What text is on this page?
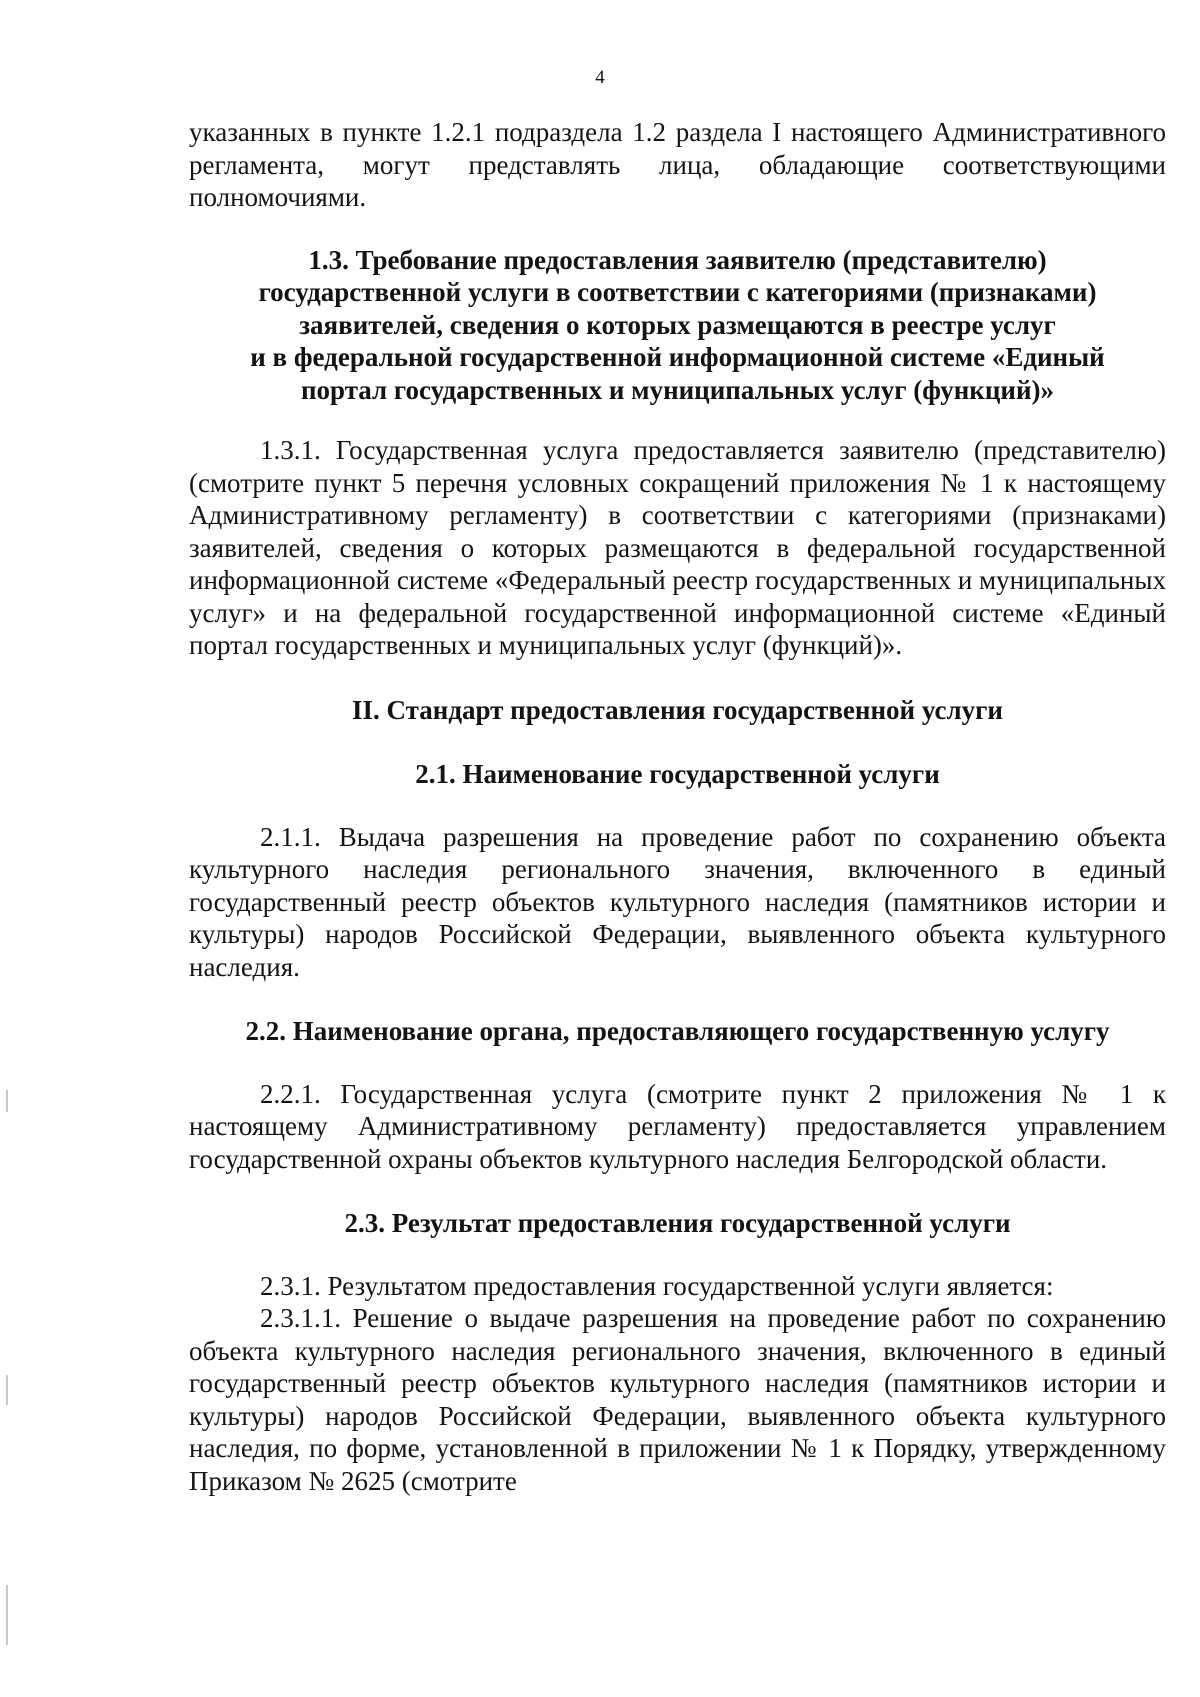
4

указанных в пункте 1.2.1 подраздела 1.2 раздела I настоящего Административного регламента, могут представлять лица, обладающие соответствующими полномочиями.

1.3. Требование предоставления заявителю (представителю)
государственной услуги в соответствии с категориями (признаками)
заявителей, сведения о которых размещаются в реестре услуг
и в федеральной государственной информационной системе «Единый
портал государственных и муниципальных услуг (функций)»

1.3.1. Государственная услуга предоставляется заявителю (представителю) (смотрите пункт 5 перечня условных сокращений приложения № 1 к настоящему Административному регламенту) в соответствии с категориями (признаками) заявителей, сведения о которых размещаются в федеральной государственной информационной системе «Федеральный реестр государственных и муниципальных услуг» и на федеральной государственной информационной системе «Единый портал государственных и муниципальных услуг (функций)».

II. Стандарт предоставления государственной услуги
2.1. Наименование государственной услуги

2.1.1. Выдача разрешения на проведение работ по сохранению объекта культурного наследия регионального значения, включенного в единый государственный реестр объектов культурного наследия (памятников истории и культуры) народов Российской Федерации, выявленного объекта культурного наследия.

2.2. Наименование органа, предоставляющего государственную услугу

2.2.1. Государственная услуга (смотрите пункт 2 приложения № 1 к настоящему Административному регламенту) предоставляется управлением государственной охраны объектов культурного наследия Белгородской области.

2.3. Результат предоставления государственной услуги

2.3.1. Результатом предоставления государственной услуги является:

2.3.1.1. Решение о выдаче разрешения на проведение работ по сохранению объекта культурного наследия регионального значения, включенного в единый государственный реестр объектов культурного наследия (памятников истории и культуры) народов Российской Федерации, выявленного объекта культурного наследия, по форме, установленной в приложении № 1 к Порядку, утвержденному Приказом № 2625 (смотрите
